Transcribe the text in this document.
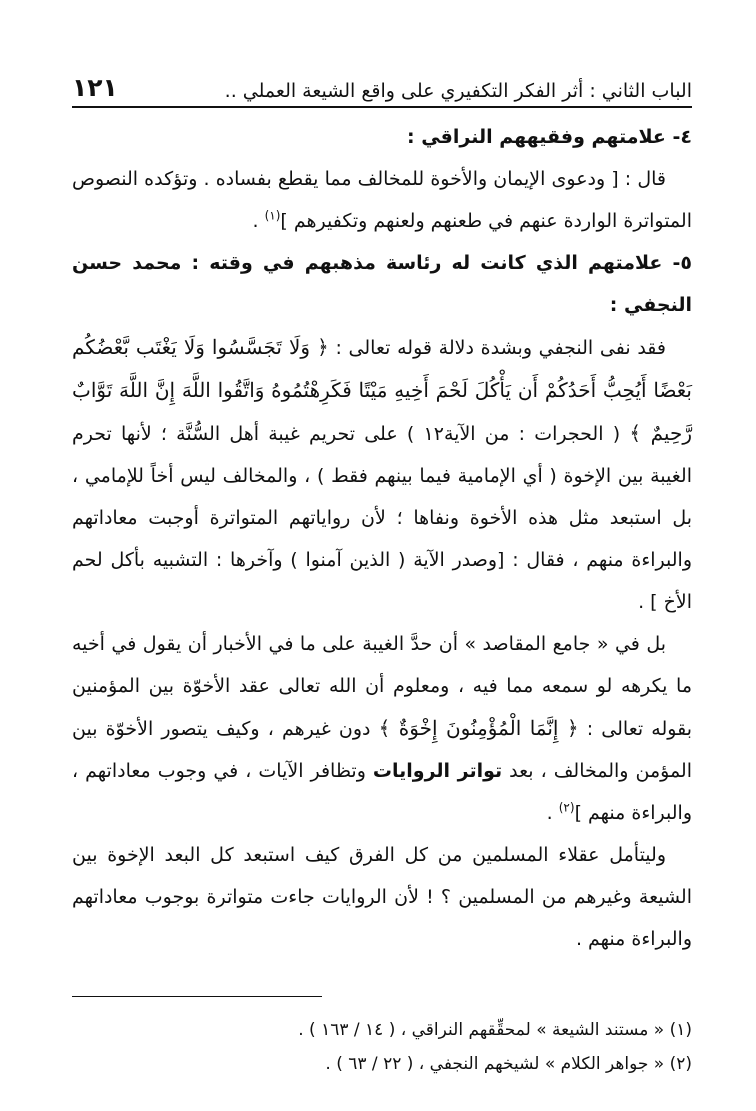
الباب الثاني : أثر الفكر التكفيري على واقع الشيعة العملي ..
١٢١

٤- علامتهم وفقيههم النراقي :

قال : [ ودعوى الإيمان والأخوة للمخالف مما يقطع بفساده . وتؤكده النصوص المتواترة الواردة عنهم في طعنهم ولعنهم وتكفيرهم ]$^{(١)}$ .

٥- علامتهم الذي كانت له رئاسة مذهبهم في وقته : محمد حسن النجفي :

فقد نفى النجفي وبشدة دلالة قوله تعالى : ﴿ وَلَا تَجَسَّسُوا وَلَا يَغْتَب بَّعْضُكُم بَعْضًا أَيُحِبُّ أَحَدُكُمْ أَن يَأْكُلَ لَحْمَ أَخِيهِ مَيْتًا فَكَرِهْتُمُوهُ وَاتَّقُوا اللَّهَ إِنَّ اللَّهَ تَوَّابٌ رَّحِيمٌ ﴾ ( الحجرات : من الآية١٢ ) على تحريم غيبة أهل السُّنَّة ؛ لأنها تحرم الغيبة بين الإخوة ( أي الإمامية فيما بينهم فقط ) ، والمخالف ليس أخاً للإمامي ، بل استبعد مثل هذه الأخوة ونفاها ؛ لأن رواياتهم المتواترة أوجبت معاداتهم والبراءة منهم ، فقال : [وصدر الآية ( الذين آمنوا ) وآخرها : التشبيه بأكل لحم الأخ ] .

بل في « جامع المقاصد » أن حدَّ الغيبة على ما في الأخبار أن يقول في أخيه ما يكرهه لو سمعه مما فيه ، ومعلوم أن الله تعالى عقد الأخوّة بين المؤمنين بقوله تعالى : ﴿ إِنَّمَا الْمُؤْمِنُونَ إِخْوَةٌ ﴾ دون غيرهم ، وكيف يتصور الأخوّة بين المؤمن والمخالف ، بعد تواتر الروايات وتظافر الآيات ، في وجوب معاداتهم ، والبراءة منهم ]$^{(٢)}$ .

وليتأمل عقلاء المسلمين من كل الفرق كيف استبعد كل البعد الإخوة بين الشيعة وغيرهم من المسلمين ؟ ! لأن الروايات جاءت متواترة بوجوب معاداتهم والبراءة منهم .

(١) « مستند الشيعة » لمحقِّقهم النراقي ، ( ١٤ / ١٦٣ ) .

(٢) « جواهر الكلام » لشيخهم النجفي ، ( ٢٢ / ٦٣ ) .
